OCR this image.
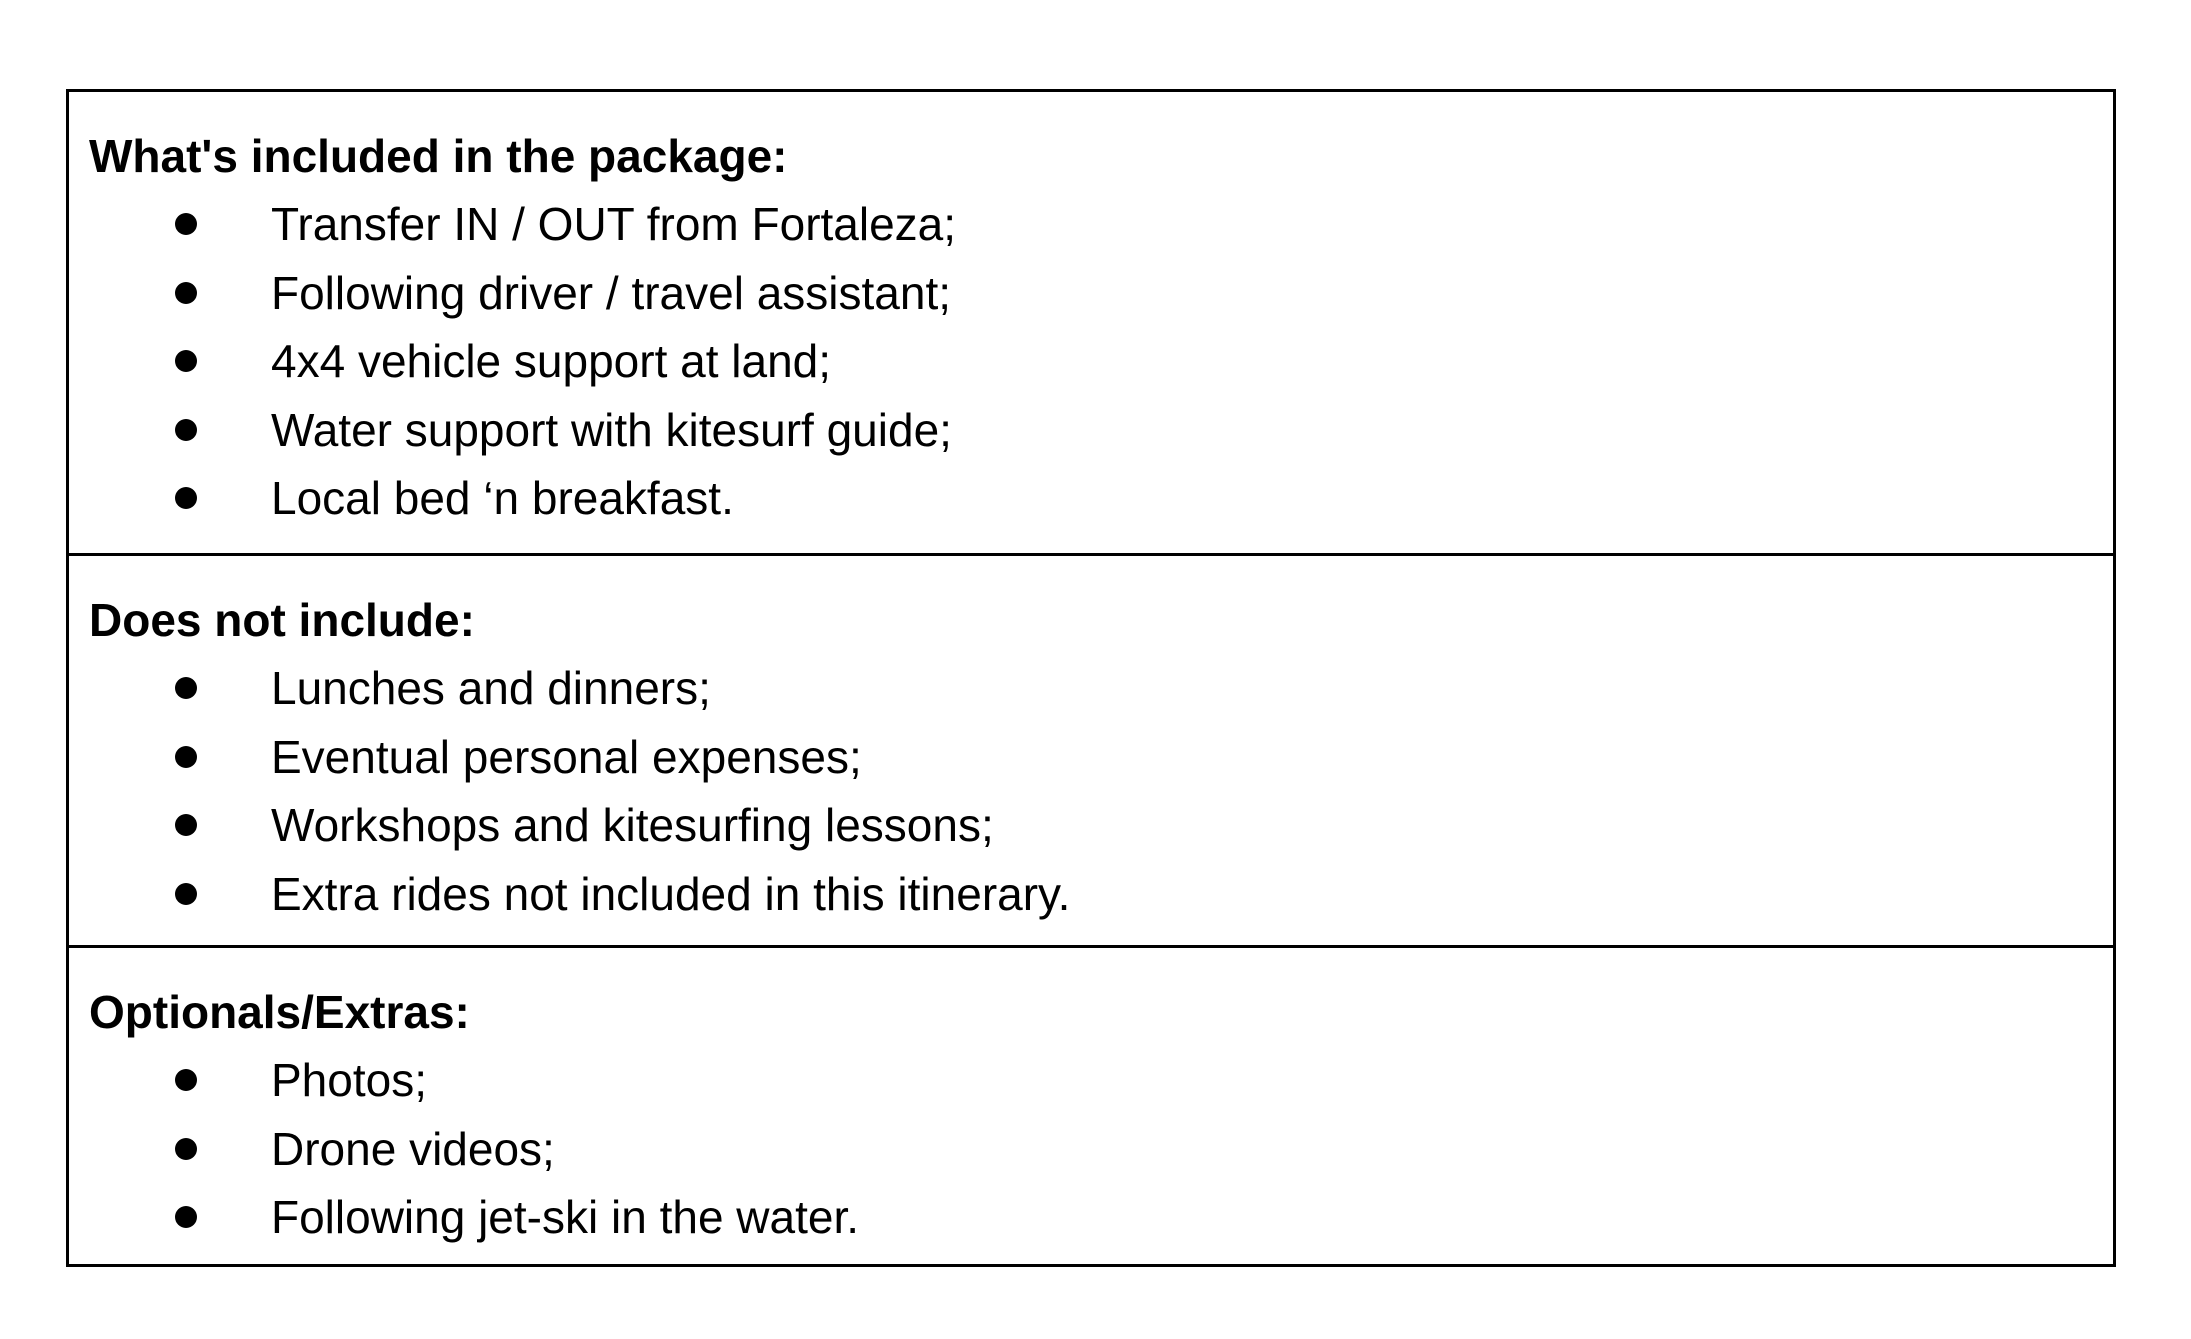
What's included in the package:

Transfer IN / OUT from Fortaleza;
Following driver / travel assistant;
4x4 vehicle support at land;
Water support with kitesurf guide;
Local bed ‘n breakfast.

Does not include:

Lunches and dinners;
Eventual personal expenses;
Workshops and kitesurfing lessons;
Extra rides not included in this itinerary.

Optionals/Extras:

Photos;
Drone videos;
Following jet-ski in the water.
